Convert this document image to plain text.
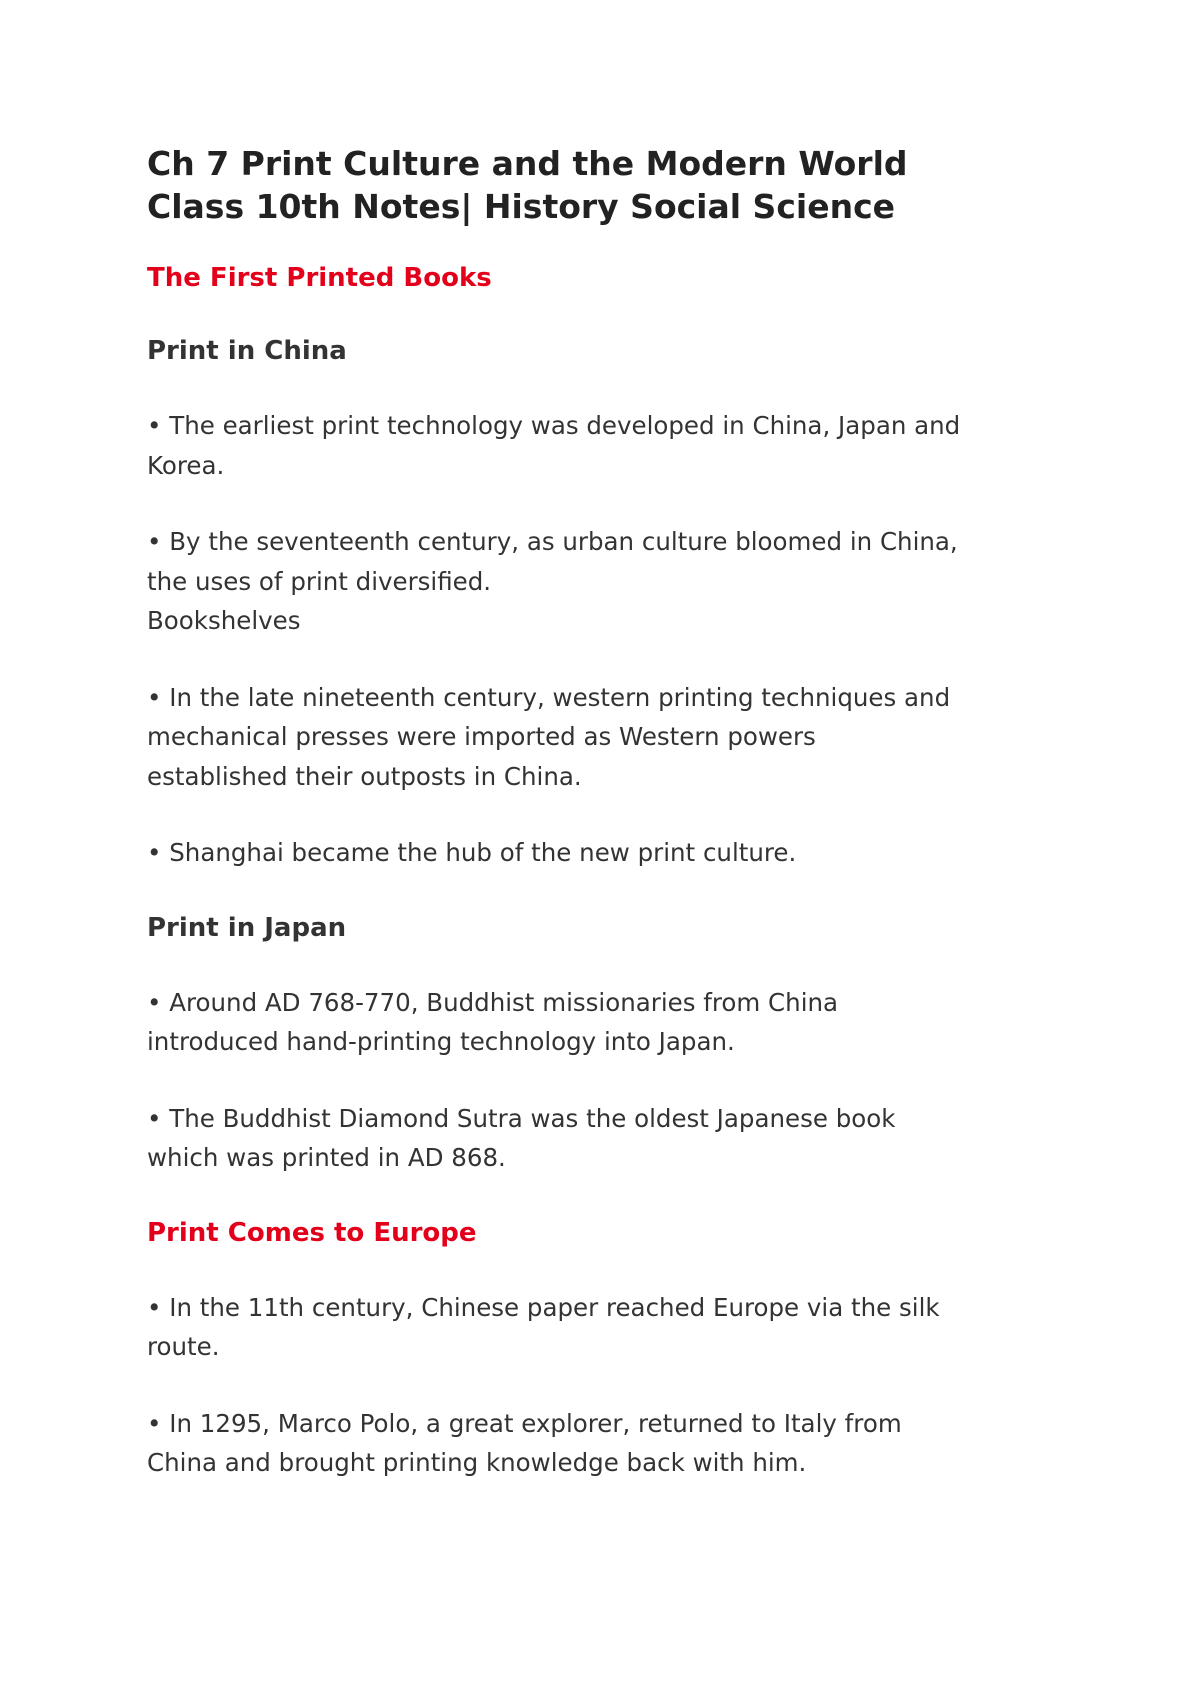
Ch 7 Print Culture and the Modern World
Class 10th Notes| History Social Science
The First Printed Books
Print in China

• The earliest print technology was developed in China, Japan and
Korea.

• By the seventeenth century, as urban culture bloomed in China,
the uses of print diversified.
Bookshelves

• In the late nineteenth century, western printing techniques and
mechanical presses were imported as Western powers
established their outposts in China.

• Shanghai became the hub of the new print culture.

Print in Japan

• Around AD 768-770, Buddhist missionaries from China
introduced hand-printing technology into Japan.

• The Buddhist Diamond Sutra was the oldest Japanese book
which was printed in AD 868.

Print Comes to Europe

• In the 11th century, Chinese paper reached Europe via the silk
route.

• In 1295, Marco Polo, a great explorer, returned to Italy from
China and brought printing knowledge back with him.
